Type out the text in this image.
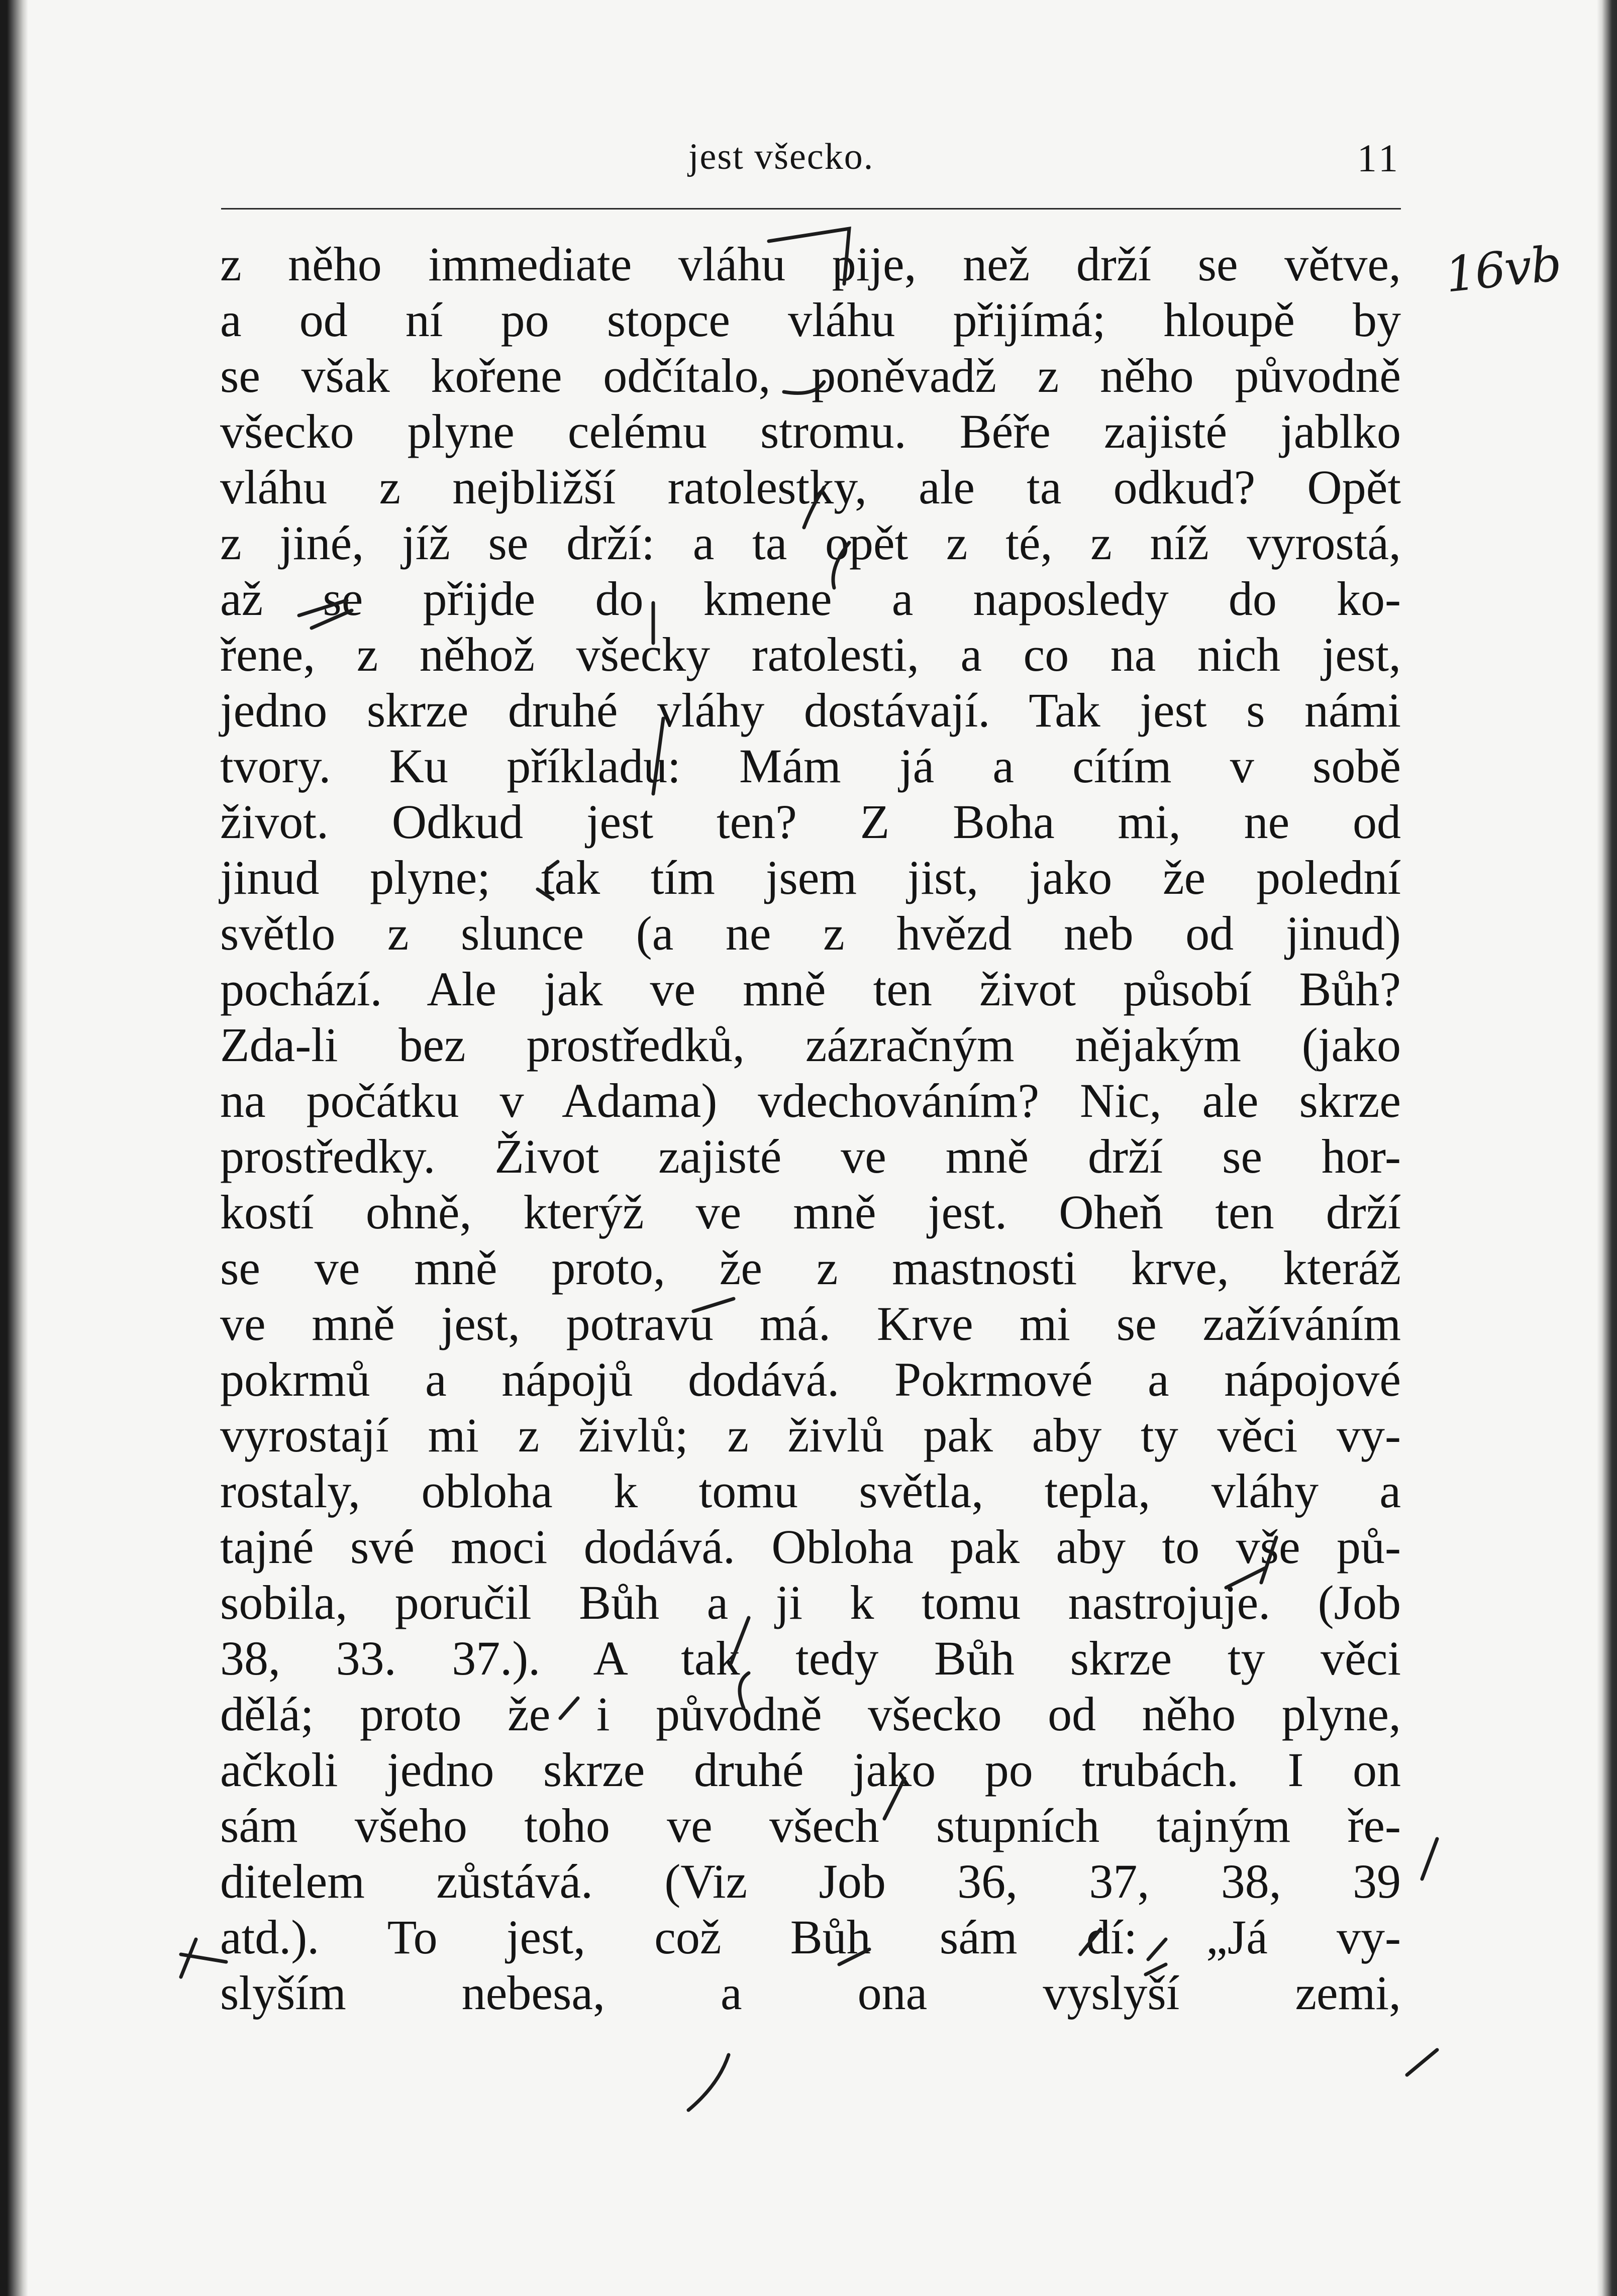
jest všecko.	11
16vb
z něho immediate vláhu pije, než drží se větve,
a od ní po stopce vláhu přijímá; hloupě by
se však kořene odčítalo, poněvadž z něho původně
všecko plyne celému stromu. Béře zajisté jablko
vláhu z nejbližší ratolestky, ale ta odkud? Opět
z jiné, jíž se drží: a ta opět z té, z níž vyrostá,
až se přijde do kmene a naposledy do ko-
řene, z něhož všecky ratolesti, a co na nich jest,
jedno skrze druhé vláhy dostávají. Tak jest s námi
tvory. Ku příkladu: Mám já a cítím v sobě
život. Odkud jest ten? Z Boha mi, ne od
jinud plyne; tak tím jsem jist, jako že polední
světlo z slunce (a ne z hvězd neb od jinud)
pochází. Ale jak ve mně ten život působí Bůh?
Zda-li bez prostředků, zázračným nějakým (jako
na počátku v Adama) vdechováním? Nic, ale skrze
prostředky. Život zajisté ve mně drží se hor-
kostí ohně, kterýž ve mně jest. Oheň ten drží
se ve mně proto, že z mastnosti krve, kteráž
ve mně jest, potravu má. Krve mi se zažíváním
pokrmů a nápojů dodává. Pokrmové a nápojové
vyrostají mi z živlů; z živlů pak aby ty věci vy-
rostaly, obloha k tomu světla, tepla, vláhy a
tajné své moci dodává. Obloha pak aby to vše pů-
sobila, poručil Bůh a ji k tomu nastrojuje. (Job
38, 33. 37.). A tak tedy Bůh skrze ty věci
dělá; proto že i původně všecko od něho plyne,
ačkoli jedno skrze druhé jako po trubách. I on
sám všeho toho ve všech stupních tajným ře-
ditelem zůstává. (Viz Job 36, 37, 38, 39
atd.). To jest, což Bůh sám dí: „Já vy-
slyším nebesa, a ona vyslyší zemi,
